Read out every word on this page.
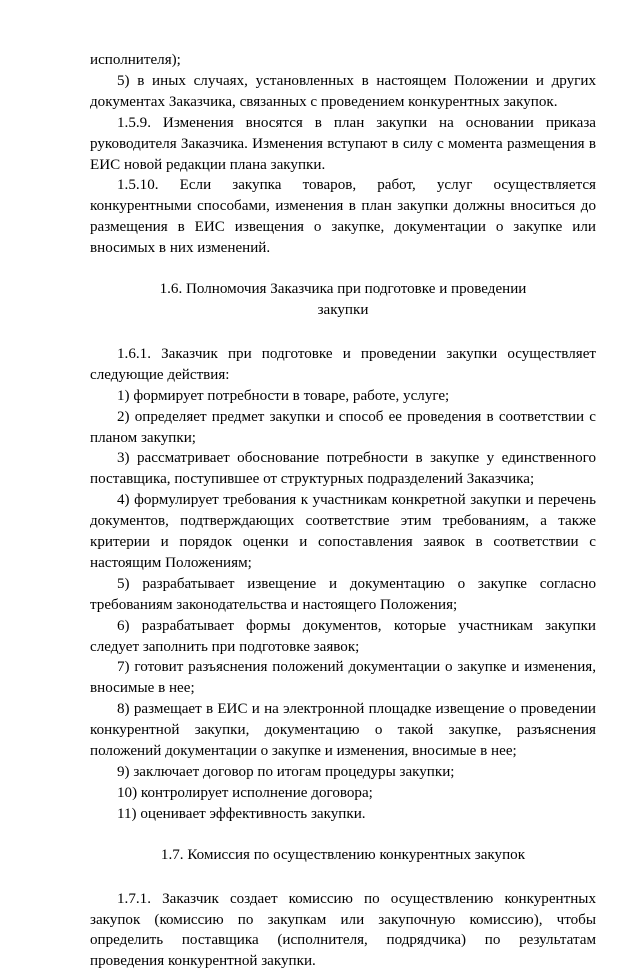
исполнителя);

5) в иных случаях, установленных в настоящем Положении и других документах Заказчика, связанных с проведением конкурентных закупок.

1.5.9. Изменения вносятся в план закупки на основании приказа руководителя Заказчика. Изменения вступают в силу с момента размещения в ЕИС новой редакции плана закупки.

1.5.10. Если закупка товаров, работ, услуг осуществляется конкурентными способами, изменения в план закупки должны вноситься до размещения в ЕИС извещения о закупке, документации о закупке или вносимых в них изменений.

1.6. Полномочия Заказчика при подготовке и проведении

закупки

1.6.1. Заказчик при подготовке и проведении закупки осуществляет следующие действия:

1) формирует потребности в товаре, работе, услуге;

2) определяет предмет закупки и способ ее проведения в соответствии с планом закупки;

3) рассматривает обоснование потребности в закупке у единственного поставщика, поступившее от структурных подразделений Заказчика;

4) формулирует требования к участникам конкретной закупки и перечень документов, подтверждающих соответствие этим требованиям, а также критерии и порядок оценки и сопоставления заявок в соответствии с настоящим Положениям;

5) разрабатывает извещение и документацию о закупке согласно требованиям законодательства и настоящего Положения;

6) разрабатывает формы документов, которые участникам закупки следует заполнить при подготовке заявок;

7) готовит разъяснения положений документации о закупке и изменения, вносимые в нее;

8) размещает в ЕИС и на электронной площадке извещение о проведении конкурентной закупки, документацию о такой закупке, разъяснения положений документации о закупке и изменения, вносимые в нее;

9) заключает договор по итогам процедуры закупки;

10) контролирует исполнение договора;

11) оценивает эффективность закупки.

1.7. Комиссия по осуществлению конкурентных закупок

1.7.1. Заказчик создает комиссию по осуществлению конкурентных закупок (комиссию по закупкам или закупочную комиссию), чтобы определить поставщика (исполнителя, подрядчика) по результатам проведения конкурентной закупки.
